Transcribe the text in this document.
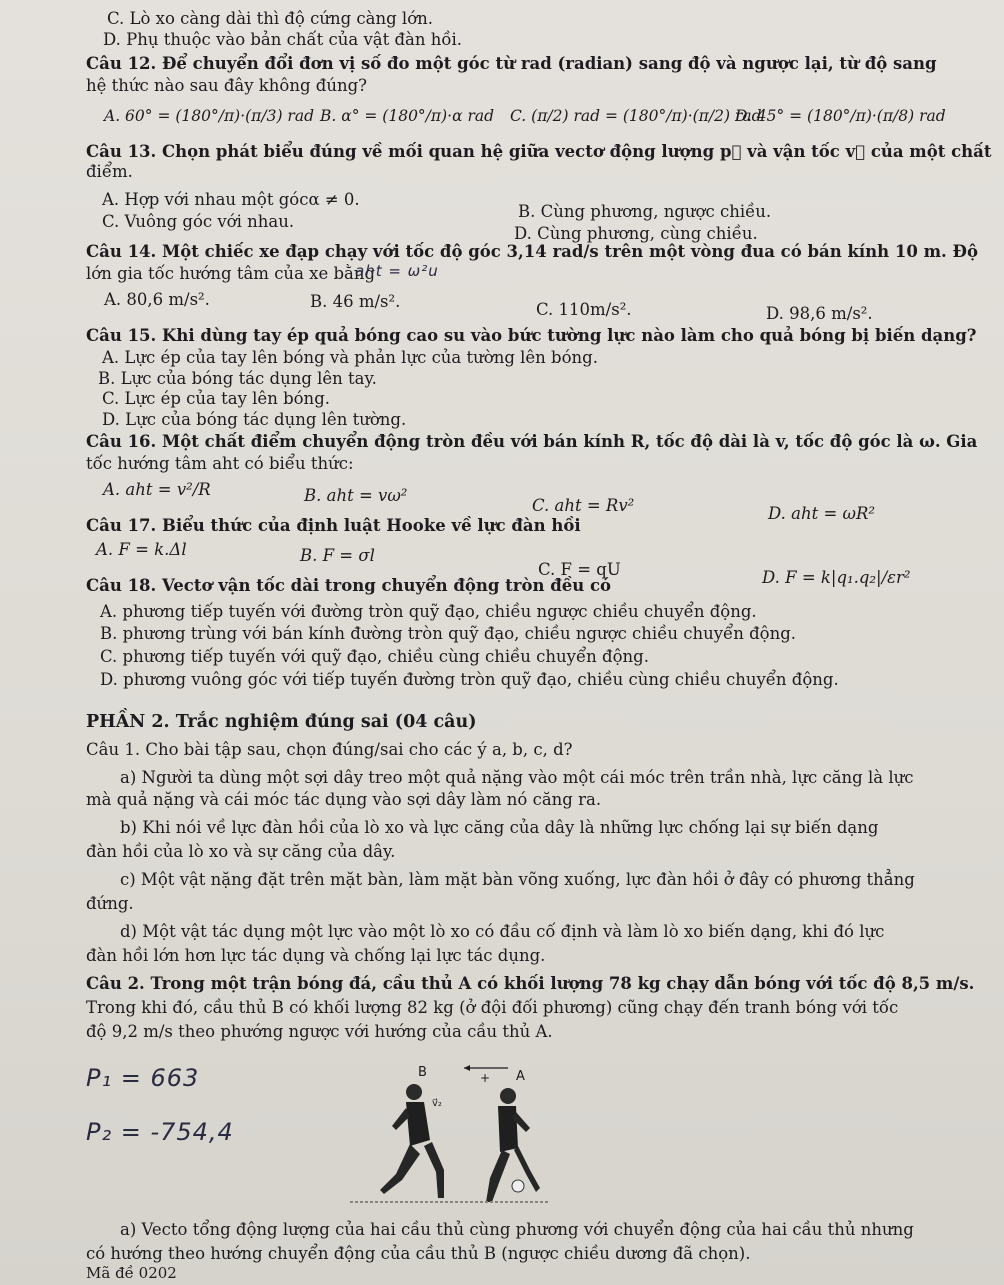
C. Lò xo càng dài thì độ cứng càng lớn.
D. Phụ thuộc vào bản chất của vật đàn hồi.
Câu 12. Để chuyển đổi đơn vị số đo một góc từ rad (radian) sang độ và ngược lại, từ độ sang
hệ thức nào sau đây không đúng?
A. 60° = (180°/π)·(π/3) rad B. α° = (180°/π)·α rad C. (π/2) rad = (180°/π)·(π/2) rad
D. 45° = (180°/π)·(π/8) rad
Câu 13. Chọn phát biểu đúng về mối quan hệ giữa vectơ động lượng p⃗ và vận tốc v⃗ của một chất
điểm.
A. Hợp với nhau một gócα ≠ 0.
B. Cùng phương, ngược chiều.
C. Vuông góc với nhau.
D. Cùng phương, cùng chiều.
Câu 14. Một chiếc xe đạp chạy với tốc độ góc 3,14 rad/s trên một vòng đua có bán kính 10 m. Độ
lớn gia tốc hướng tâm của xe bằng
aht = ω²u
A. 80,6 m/s².	B. 46 m/s².	C. 110m/s².	D. 98,6 m/s².
Câu 15. Khi dùng tay ép quả bóng cao su vào bức tường lực nào làm cho quả bóng bị biến dạng?
A. Lực ép của tay lên bóng và phản lực của tường lên bóng.
B. Lực của bóng tác dụng lên tay.
C. Lực ép của tay lên bóng.
D. Lực của bóng tác dụng lên tường.
Câu 16. Một chất điểm chuyển động tròn đều với bán kính R, tốc độ dài là v, tốc độ góc là ω. Gia
tốc hướng tâm aht có biểu thức:
A. aht = v²/R	B. aht = vω²
C. aht = Rv²	D. aht = ωR²
Câu 17. Biểu thức của định luật Hooke về lực đàn hồi
A. F = k.Δl	B. F = σl
C. F = qU	D. F = k|q₁.q₂|/εr²
Câu 18. Vectơ vận tốc dài trong chuyển động tròn đều có
A. phương tiếp tuyến với đường tròn quỹ đạo, chiều ngược chiều chuyển động.
B. phương trùng với bán kính đường tròn quỹ đạo, chiều ngược chiều chuyển động.
C. phương tiếp tuyến với quỹ đạo, chiều cùng chiều chuyển động.
D. phương vuông góc với tiếp tuyến đường tròn quỹ đạo, chiều cùng chiều chuyển động.
PHẦN 2. Trắc nghiệm đúng sai (04 câu)
Câu 1. Cho bài tập sau, chọn đúng/sai cho các ý a, b, c, d?
a) Người ta dùng một sợi dây treo một quả nặng vào một cái móc trên trần nhà, lực căng là lực
mà quả nặng và cái móc tác dụng vào sợi dây làm nó căng ra.
b) Khi nói về lực đàn hồi của lò xo và lực căng của dây là những lực chống lại sự biến dạng
đàn hồi của lò xo và sự căng của dây.
c) Một vật nặng đặt trên mặt bàn, làm mặt bàn võng xuống, lực đàn hồi ở đây có phương thẳng
đứng.
d) Một vật tác dụng một lực vào một lò xo có đầu cố định và làm lò xo biến dạng, khi đó lực
đàn hồi lớn hơn lực tác dụng và chống lại lực tác dụng.
Câu 2. Trong một trận bóng đá, cầu thủ A có khối lượng 78 kg chạy dẫn bóng với tốc độ 8,5 m/s.
Trong khi đó, cầu thủ B có khối lượng 82 kg (ở đội đối phương) cũng chạy đến tranh bóng với tốc
độ 9,2 m/s theo phướng ngược với hướng của cầu thủ A.
P₁ = 663
P₂ = -754,4
B	+ A
v⃗₂
a) Vecto tổng động lượng của hai cầu thủ cùng phương với chuyển động của hai cầu thủ nhưng
có hướng theo hướng chuyển động của cầu thủ B (ngược chiều dương đã chọn).
Mã đề 0202
